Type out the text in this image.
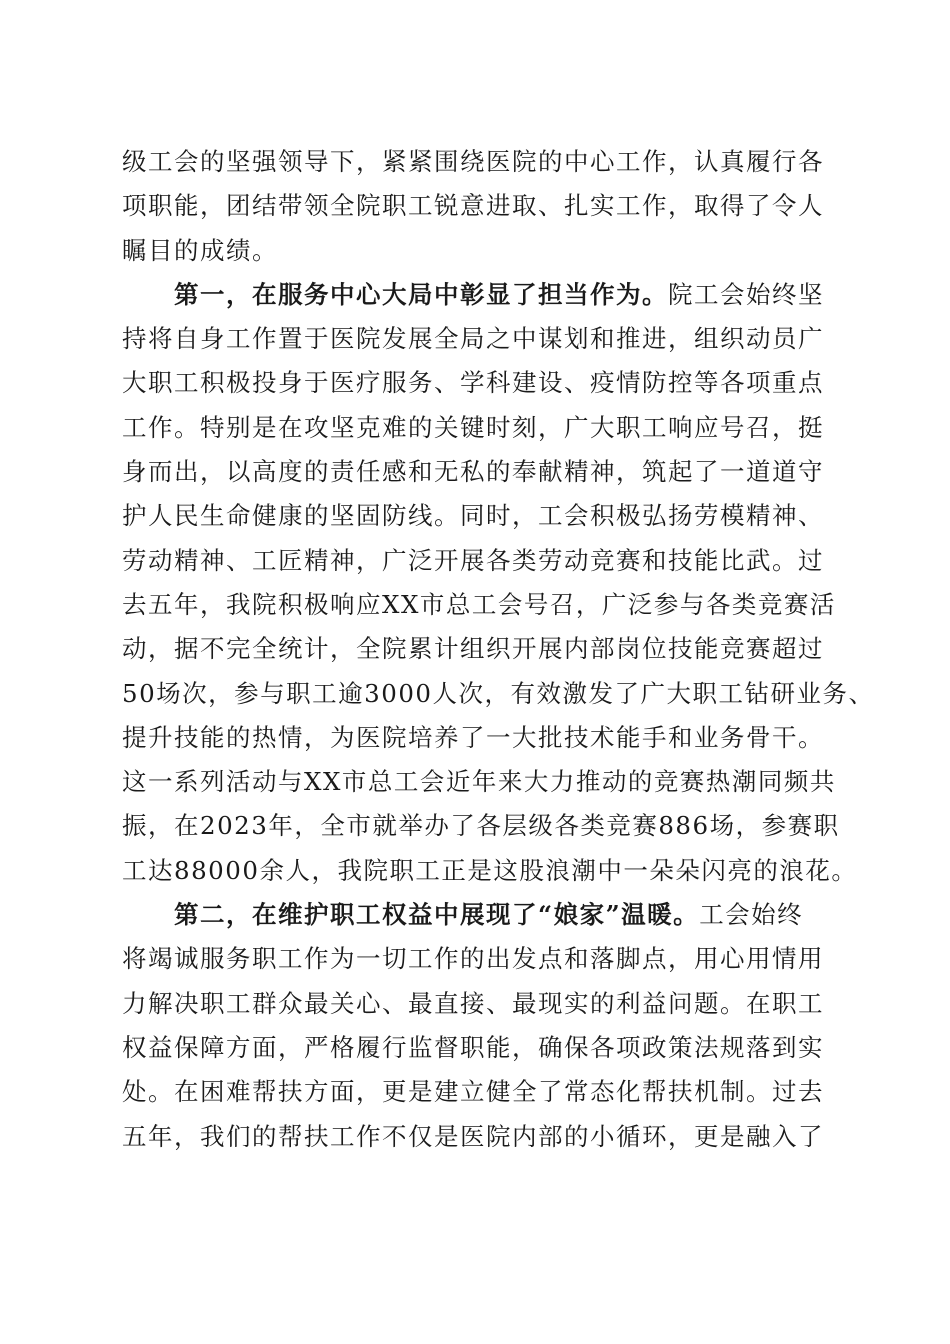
级工会的坚强领导下，紧紧围绕医院的中心工作，认真履行各
项职能，团结带领全院职工锐意进取、扎实工作，取得了令人
瞩目的成绩。
　　第一，在服务中心大局中彰显了担当作为。院工会始终坚
持将自身工作置于医院发展全局之中谋划和推进，组织动员广
大职工积极投身于医疗服务、学科建设、疫情防控等各项重点
工作。特别是在攻坚克难的关键时刻，广大职工响应号召，挺
身而出，以高度的责任感和无私的奉献精神，筑起了一道道守
护人民生命健康的坚固防线。同时，工会积极弘扬劳模精神、
劳动精神、工匠精神，广泛开展各类劳动竞赛和技能比武。过
去五年，我院积极响应XX市总工会号召，广泛参与各类竞赛活
动，据不完全统计，全院累计组织开展内部岗位技能竞赛超过
50场次，参与职工逾3000人次，有效激发了广大职工钻研业务、
提升技能的热情，为医院培养了一大批技术能手和业务骨干。
这一系列活动与XX市总工会近年来大力推动的竞赛热潮同频共
振，在2023年，全市就举办了各层级各类竞赛886场，参赛职
工达88000余人，我院职工正是这股浪潮中一朵朵闪亮的浪花。
　　第二，在维护职工权益中展现了“娘家”温暖。工会始终
将竭诚服务职工作为一切工作的出发点和落脚点，用心用情用
力解决职工群众最关心、最直接、最现实的利益问题。在职工
权益保障方面，严格履行监督职能，确保各项政策法规落到实
处。在困难帮扶方面，更是建立健全了常态化帮扶机制。过去
五年，我们的帮扶工作不仅是医院内部的小循环，更是融入了
